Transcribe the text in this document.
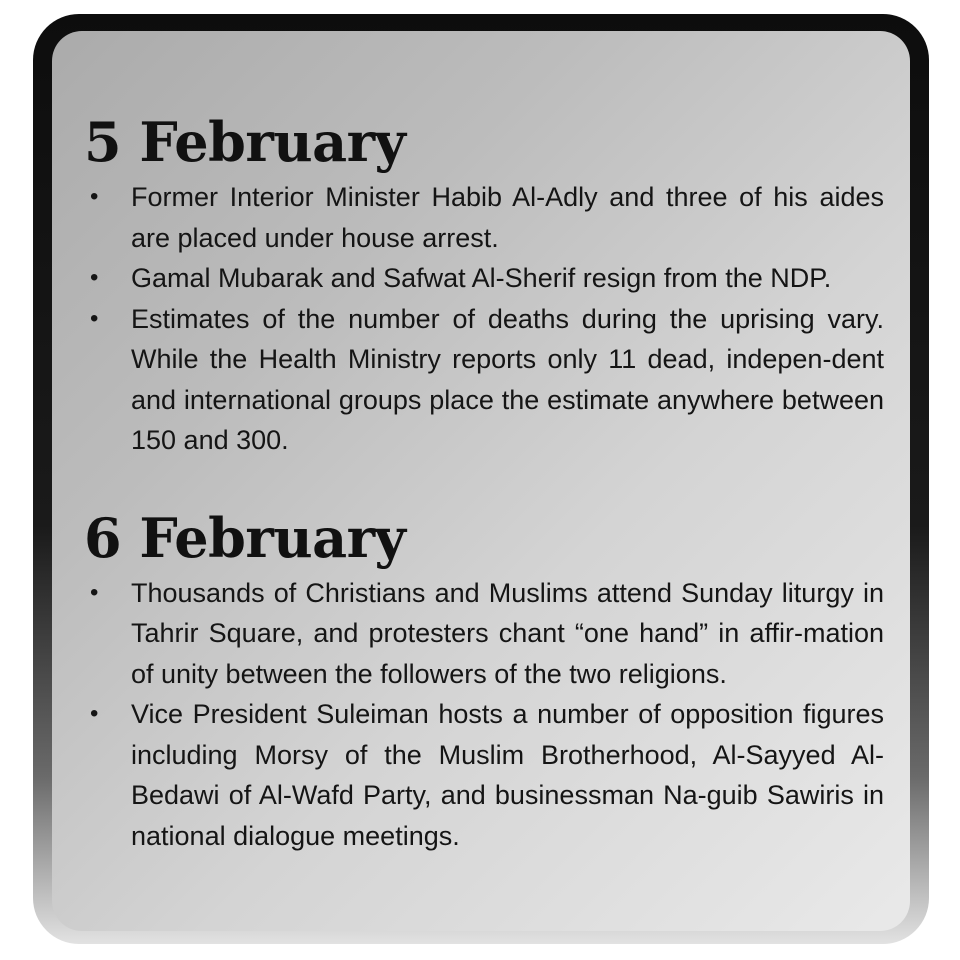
5 February
• Former Interior Minister Habib Al-Adly and three of his aides are placed under house arrest.
• Gamal Mubarak and Safwat Al-Sherif resign from the NDP.
• Estimates of the number of deaths during the uprising vary. While the Health Ministry reports only 11 dead, indepen-dent and international groups place the estimate anywhere between 150 and 300.
6 February
• Thousands of Christians and Muslims attend Sunday liturgy in Tahrir Square, and protesters chant “one hand” in affir-mation of unity between the followers of the two religions.
• Vice President Suleiman hosts a number of opposition figures including Morsy of the Muslim Brotherhood, Al-Sayyed Al-Bedawi of Al-Wafd Party, and businessman Na-guib Sawiris in national dialogue meetings.
